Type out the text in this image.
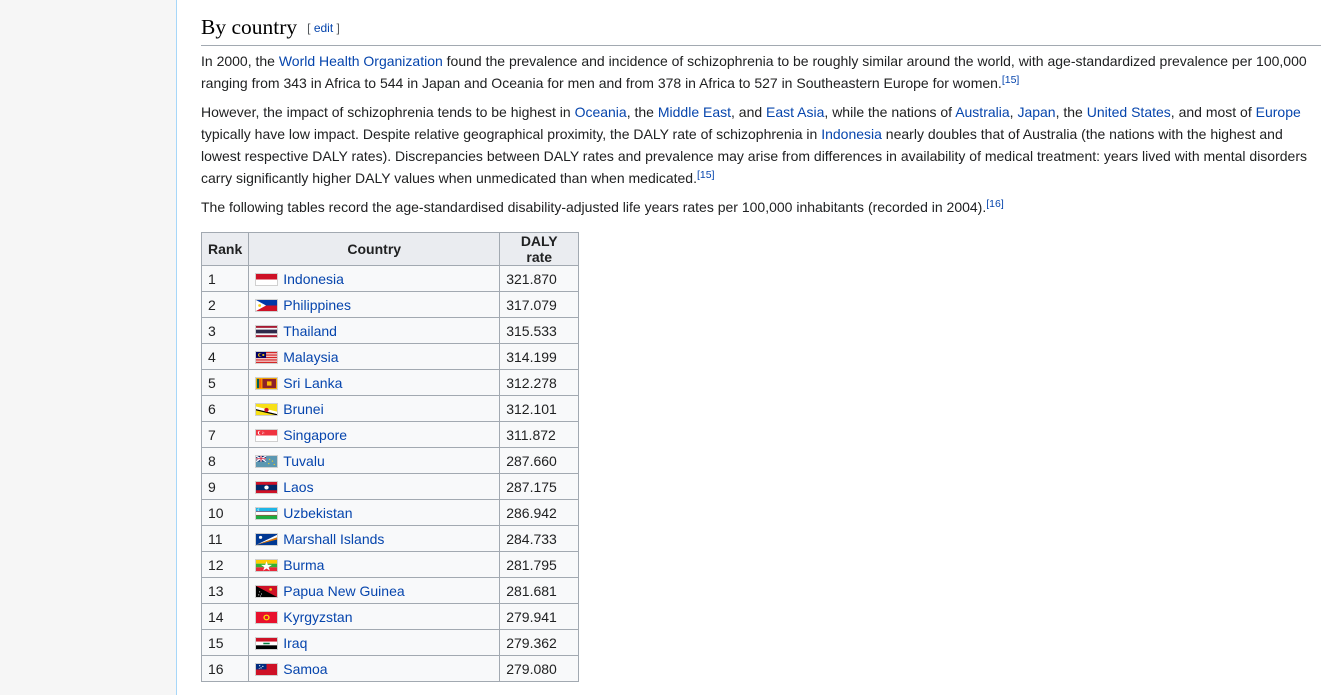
By country [ edit ]

In 2000, the World Health Organization found the prevalence and incidence of schizophrenia to be roughly similar around the world, with age-standardized prevalence per 100,000 ranging from 343 in Africa to 544 in Japan and Oceania for men and from 378 in Africa to 527 in Southeastern Europe for women.[15]

However, the impact of schizophrenia tends to be highest in Oceania, the Middle East, and East Asia, while the nations of Australia, Japan, the United States, and most of Europe typically have low impact. Despite relative geographical proximity, the DALY rate of schizophrenia in Indonesia nearly doubles that of Australia (the nations with the highest and lowest respective DALY rates). Discrepancies between DALY rates and prevalence may arise from differences in availability of medical treatment: years lived with mental disorders carry significantly higher DALY values when unmedicated than when medicated.[15]

The following tables record the age-standardised disability-adjusted life years rates per 100,000 inhabitants (recorded in 2004).[16]

Rank	Country	DALY rate
1	Indonesia	321.870
2	Philippines	317.079
3	Thailand	315.533
4	Malaysia	314.199
5	Sri Lanka	312.278
6	Brunei	312.101
7	Singapore	311.872
8	Tuvalu	287.660
9	Laos	287.175
10	Uzbekistan	286.942
11	Marshall Islands	284.733
12	Burma	281.795
13	Papua New Guinea	281.681
14	Kyrgyzstan	279.941
15	Iraq	279.362
16	Samoa	279.080
